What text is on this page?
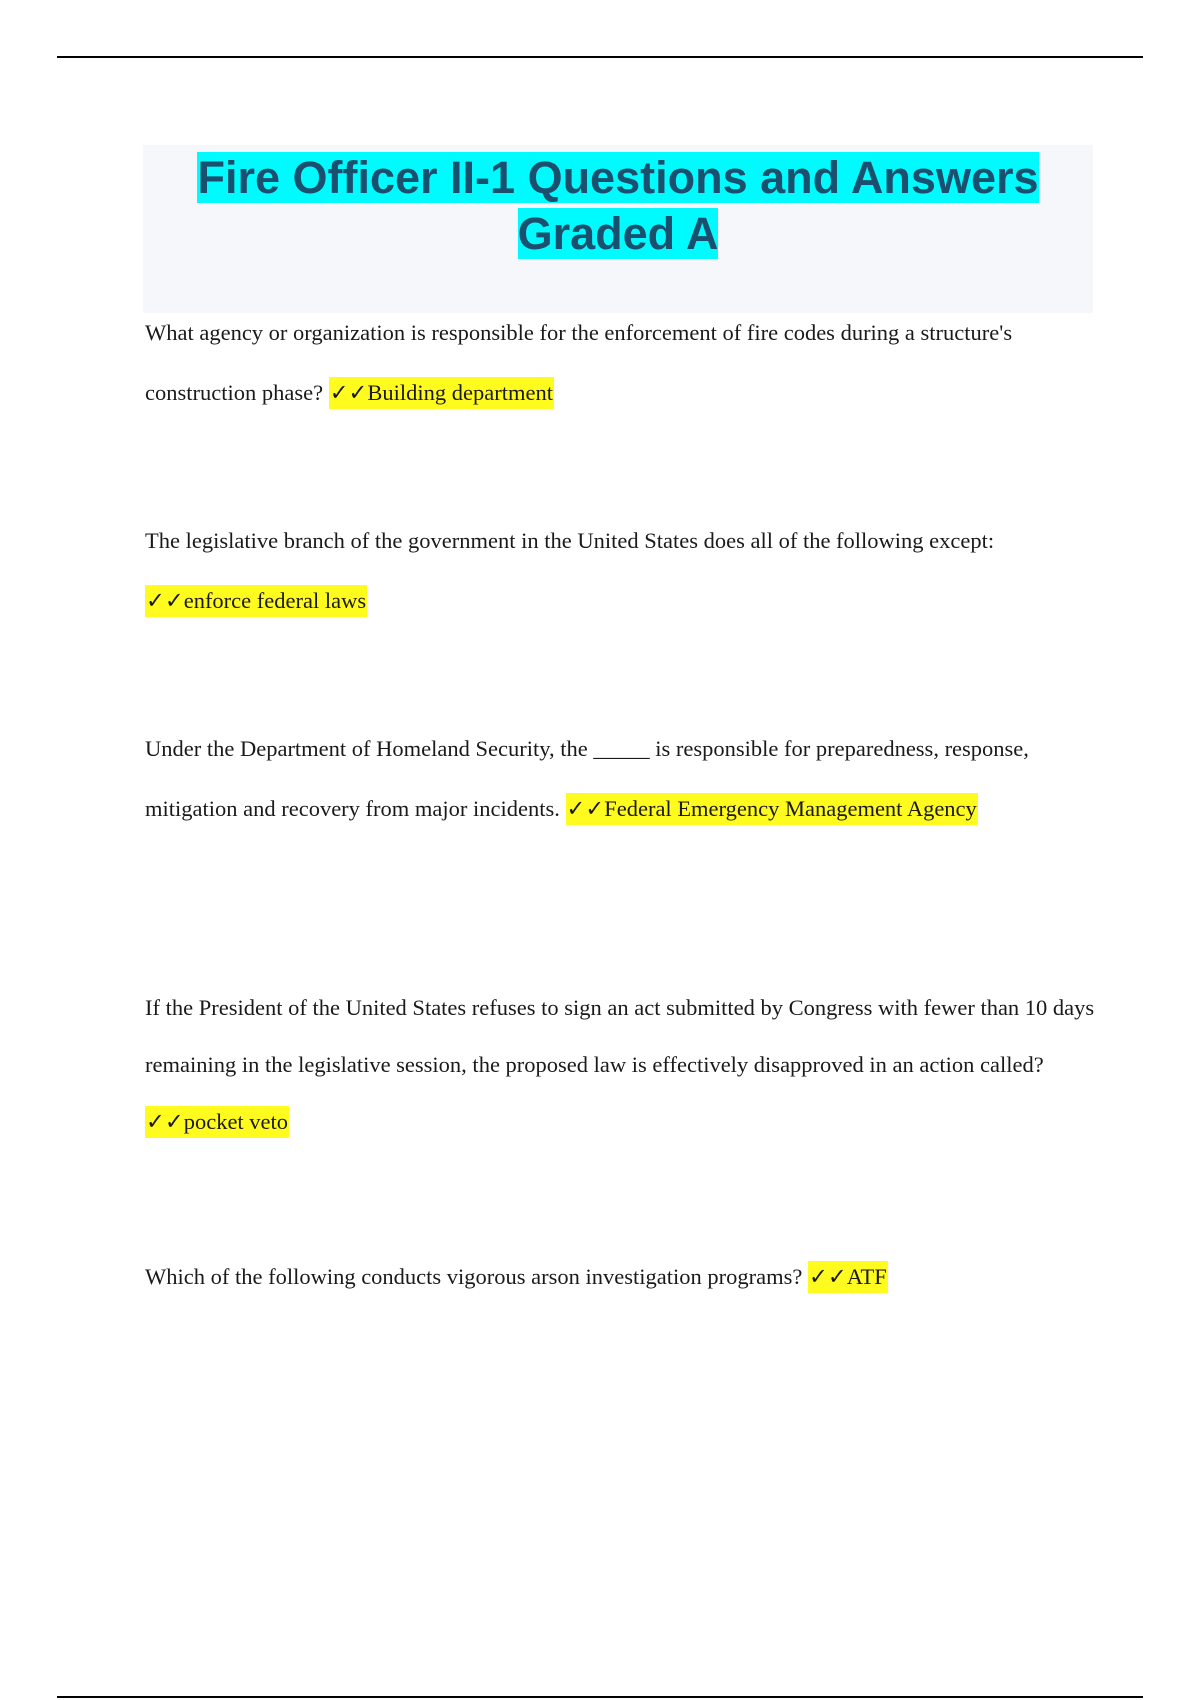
Fire Officer II-1 Questions and Answers
Graded A

What agency or organization is responsible for the enforcement of fire codes during a structure's construction phase? ✓✓Building department

The legislative branch of the government in the United States does all of the following except: ✓✓enforce federal laws

Under the Department of Homeland Security, the _____ is responsible for preparedness, response, mitigation and recovery from major incidents. ✓✓Federal Emergency Management Agency

If the President of the United States refuses to sign an act submitted by Congress with fewer than 10 days remaining in the legislative session, the proposed law is effectively disapproved in an action called? ✓✓pocket veto

Which of the following conducts vigorous arson investigation programs? ✓✓ATF
